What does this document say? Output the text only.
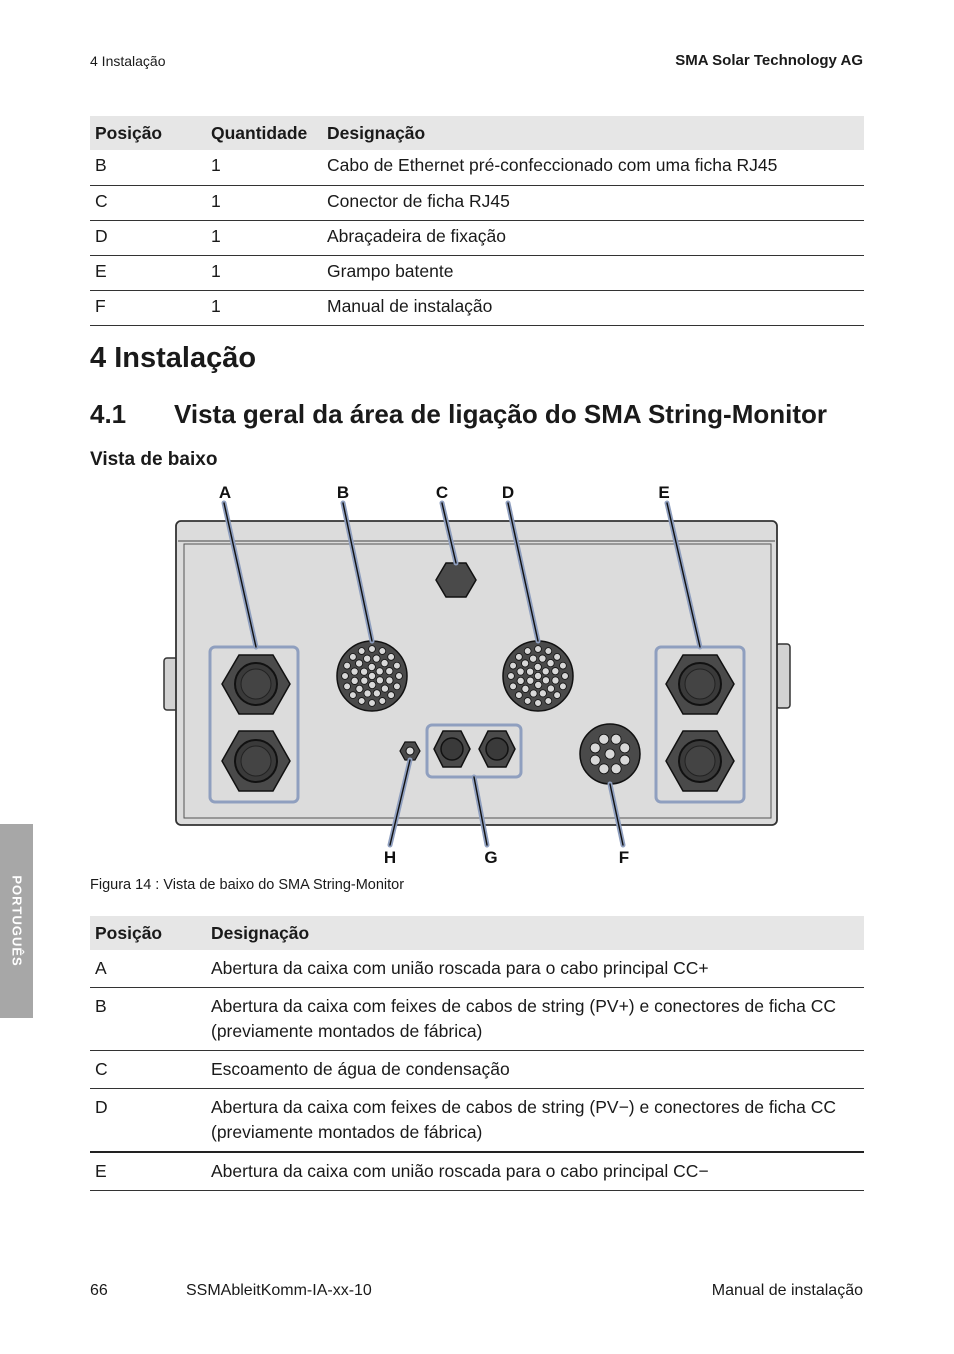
4 Instalação	SMA Solar Technology AG
Posição	Quantidade	Designação
B	1	Cabo de Ethernet pré-confeccionado com uma ficha RJ45
C	1	Conector de ficha RJ45
D	1	Abraçadeira de fixação
E	1	Grampo batente
F	1	Manual de instalação
4 Instalação
4.1 Vista geral da área de ligação do SMA String-Monitor
Vista de baixo
A	B	C	D	E
H	G	F
Figura 14 : Vista de baixo do SMA String-Monitor
Posição	Designação
A	Abertura da caixa com união roscada para o cabo principal CC+
B	Abertura da caixa com feixes de cabos de string (PV+) e conectores de ficha CC (previamente montados de fábrica)
C	Escoamento de água de condensação
D	Abertura da caixa com feixes de cabos de string (PV−) e conectores de ficha CC (previamente montados de fábrica)
E	Abertura da caixa com união roscada para o cabo principal CC−
PORTUGUÊS
66	SSMAbleitKomm-IA-xx-10	Manual de instalação
